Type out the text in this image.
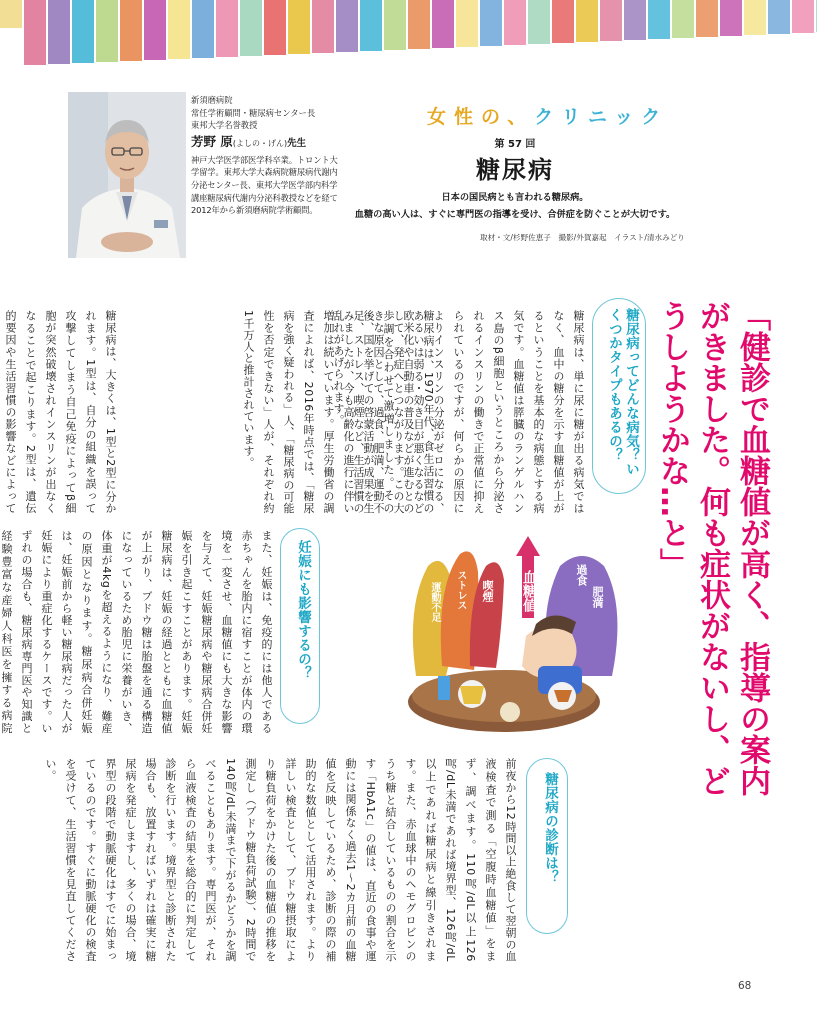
新須磨病院
常任学術顧問・糖尿病センター長
東邦大学名誉教授
芳野 原(よしの・げん)先生
神戸大学医学部医学科卒業。トロント大学留学。東邦大学大森病院糖尿病代謝内分泌センター長、東邦大学医学部内科学講座糖尿病代謝内分泌科教授などを経て2012年から新須磨病院学術顧問。
女性の、クリニック
第 57 回
糖尿病
日本の国民病とも言われる糖尿病。
血糖の高い人は、すぐに専門医の指導を受け、合併症を防ぐことが大切です。
取材・文/杉野佐恵子　撮影/外賀嘉起　イラスト/清水みどり
「健診で血糖値が高く、指導の案内がきました。何も症状がないし、どうしようかな…と」
糖尿病ってどんな病気？いくつかタイプもあるの？
糖尿病は、単に尿に糖が出る病気ではなく、血中の糖分を示す血糖値が上がるということを基本的な病態とする病気です。血糖値は膵臓のランゲルハンス島のβ細胞というところから分泌されるインスリンの働きで正常値に抑えられているのですが、何らかの原因によりインスリンの分泌がゼロになる、あるいは弱る・効き目が悪くなるなどして、発症へとつながります。この大きな原因として、過食、肥満、運動不足、ストレス、喫煙など、生活習慣の乱れがあげられます。	糖尿病は、1970年代、食生活習慣の欧米化や自動車の普及などが進むとの歩調を合わせて激増しました。その後、国を挙げての啓蒙活動が成果を生みましたが、今も高齢化の進行に伴い増加は続いています。厚生労働省の調査によれば、2016年時点では、「糖尿病を強く疑われる」人、「糖尿病の可能性を否定できない」人が、それぞれ約1千万人と推計されています。
糖尿病は、大きくは、1型と2型に分かれます。1型は、自分の組織を誤って攻撃してしまう自己免疫によってβ細胞が突然破壊されインスリンが出なくなることで起こります。2型は、遺伝的要因や生活習慣の影響などによって
血糖値	過食
肥満
喫煙
ストレス
運動不足
妊娠にも影響するの？
また、妊娠は、免疫的には他人である赤ちゃんを胎内に宿すことが体内の環境を一変させ、血糖値にも大きな影響を与えて、妊娠糖尿病や糖尿病合併妊娠を引き起こすことがあります。妊娠糖尿病は、妊娠の経過とともに血糖値が上がり、ブドウ糖は胎盤を通る構造になっているため胎児に栄養がいき、体重が4kgを超えるようになり、難産の原因となります。糖尿病合併妊娠は、妊娠前から軽い糖尿病だった人が妊娠により重症化するケースです。いずれの場合も、糖尿病専門医や知識と経験豊富な産婦人科医を擁する病院
糖尿病の診断は？
前夜から12時間以上絶食して翌朝の血液検査で測る「空腹時血糖値」をまず、調べます。110㎎/dL以上126㎎/dL未満であれば境界型、126㎎/dL以上であれば糖尿病と線引きされます。また、赤血球中のヘモグロビンのうち糖と結合しているものの割合を示す「HbA1c」の値は、直近の食事や運動には関係なく過去1〜2カ月前の血糖値を反映しているため、診断の際の補助的な数値として活用されます。より詳しい検査として、ブドウ糖摂取により糖負荷をかけた後の血糖値の推移を測定し（ブドウ糖負荷試験）、2時間で140㎎/dL未満まで下がるかどうかを調べることもあります。専門医が、それら血液検査の結果を総合的に判定して診断を行います。境界型と診断された場合も、放置すればいずれは確実に糖尿病を発症しますし、多くの場合、境界型の段階で動脈硬化はすでに始まっているのです。すぐに動脈硬化の検査を受けて、生活習慣を見直してください。
68
